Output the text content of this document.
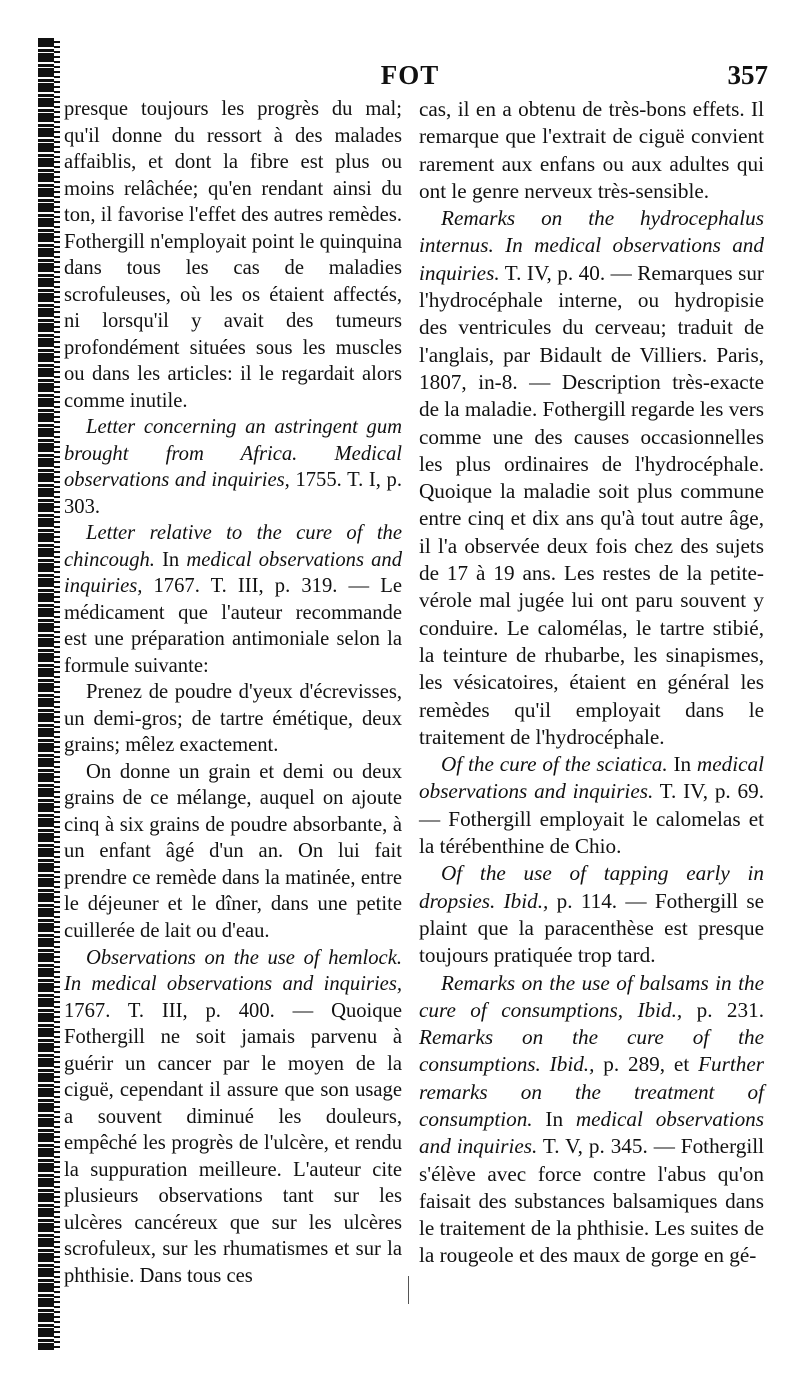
FOT	357

presque toujours les progrès du mal; qu'il donne du ressort à des malades affaiblis, et dont la fibre est plus ou moins relâchée; qu'en rendant ainsi du ton, il favorise l'effet des autres remèdes. Fothergill n'employait point le quinquina dans tous les cas de maladies scrofuleuses, où les os étaient affectés, ni lorsqu'il y avait des tumeurs profondément situées sous les muscles ou dans les articles: il le regardait alors comme inutile.

Letter concerning an astringent gum brought from Africa. Medical observations and inquiries, 1755. T. I, p. 303.

Letter relative to the cure of the chincough. In medical observations and inquiries, 1767. T. III, p. 319. — Le médicament que l'auteur recommande est une préparation antimoniale selon la formule suivante:

Prenez de poudre d'yeux d'écrevisses, un demi-gros; de tartre émétique, deux grains; mêlez exactement.

On donne un grain et demi ou deux grains de ce mélange, auquel on ajoute cinq à six grains de poudre absorbante, à un enfant âgé d'un an. On lui fait prendre ce remède dans la matinée, entre le déjeuner et le dîner, dans une petite cuillerée de lait ou d'eau.

Observations on the use of hemlock. In medical observations and inquiries, 1767. T. III, p. 400. — Quoique Fothergill ne soit jamais parvenu à guérir un cancer par le moyen de la ciguë, cependant il assure que son usage a souvent diminué les douleurs, empêché les progrès de l'ulcère, et rendu la suppuration meilleure. L'auteur cite plusieurs observations tant sur les ulcères cancéreux que sur les ulcères scrofuleux, sur les rhumatismes et sur la phthisie. Dans tous ces

cas, il en a obtenu de très-bons effets. Il remarque que l'extrait de ciguë convient rarement aux enfans ou aux adultes qui ont le genre nerveux très-sensible.

Remarks on the hydrocephalus internus. In medical observations and inquiries. T. IV, p. 40. — Remarques sur l'hydrocéphale interne, ou hydropisie des ventricules du cerveau; traduit de l'anglais, par Bidault de Villiers. Paris, 1807, in-8. — Description très-exacte de la maladie. Fothergill regarde les vers comme une des causes occasionnelles les plus ordinaires de l'hydrocéphale. Quoique la maladie soit plus commune entre cinq et dix ans qu'à tout autre âge, il l'a observée deux fois chez des sujets de 17 à 19 ans. Les restes de la petite-vérole mal jugée lui ont paru souvent y conduire. Le calomélas, le tartre stibié, la teinture de rhubarbe, les sinapismes, les vésicatoires, étaient en général les remèdes qu'il employait dans le traitement de l'hydrocéphale.

Of the cure of the sciatica. In medical observations and inquiries. T. IV, p. 69. — Fothergill employait le calomelas et la térébenthine de Chio.

Of the use of tapping early in dropsies. Ibid., p. 114. — Fothergill se plaint que la paracenthèse est presque toujours pratiquée trop tard.

Remarks on the use of balsams in the cure of consumptions, Ibid., p. 231. Remarks on the cure of the consumptions. Ibid., p. 289, et Further remarks on the treatment of consumption. In medical observations and inquiries. T. V, p. 345. — Fothergill s'élève avec force contre l'abus qu'on faisait des substances balsamiques dans le traitement de la phthisie. Les suites de la rougeole et des maux de gorge en gé-
